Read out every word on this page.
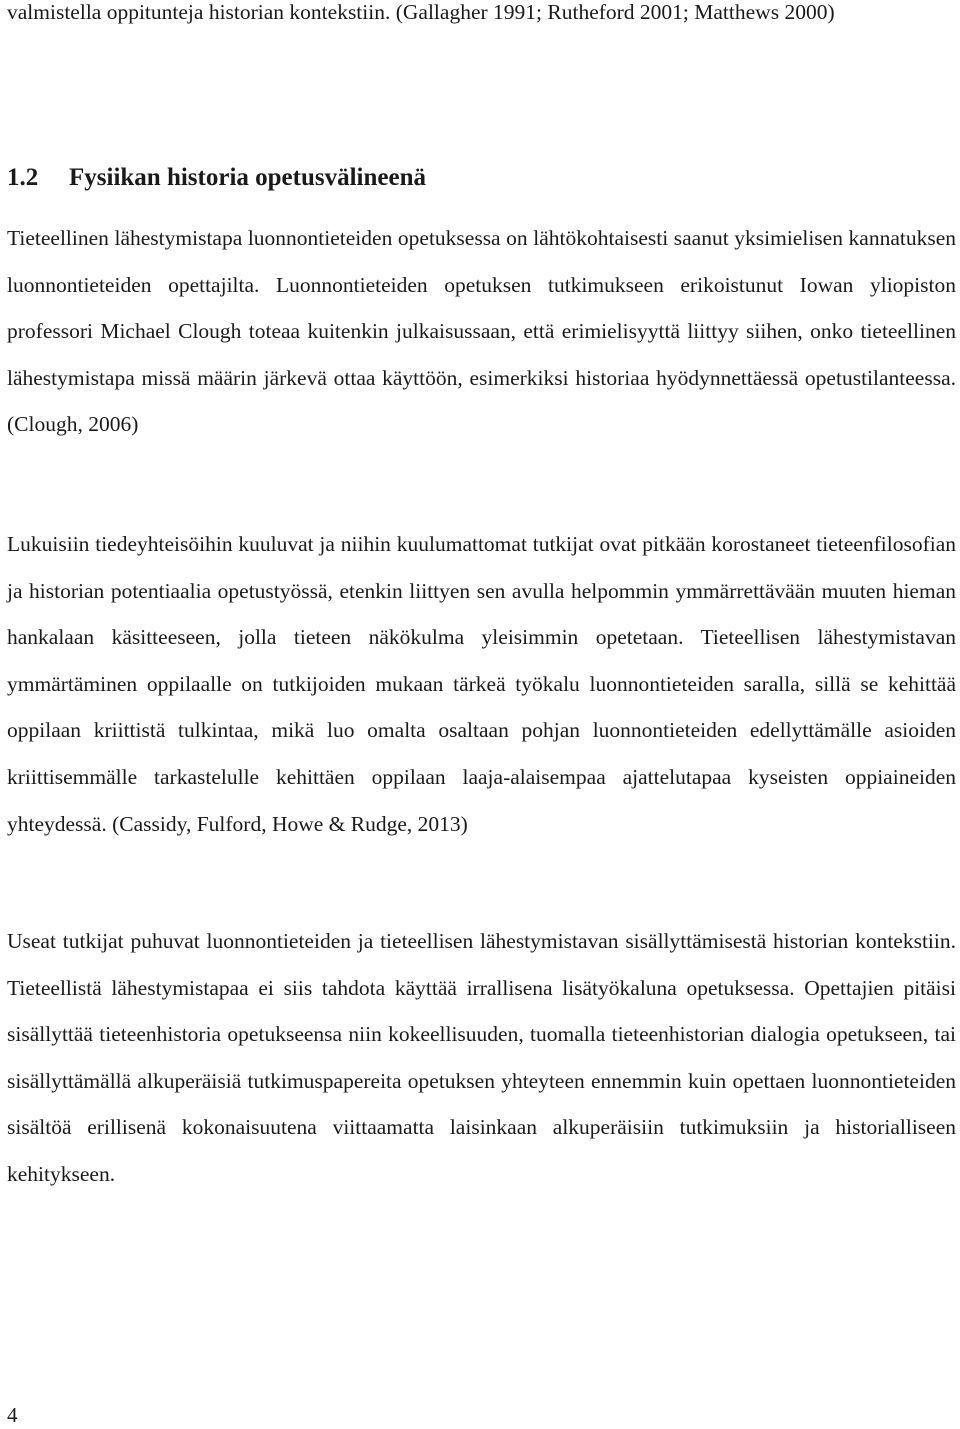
valmistella oppitunteja historian kontekstiin. (Gallagher 1991; Rutheford 2001; Matthews 2000)

1.2 Fysiikan historia opetusvälineenä

Tieteellinen lähestymistapa luonnontieteiden opetuksessa on lähtökohtaisesti saanut yksimielisen kannatuksen luonnontieteiden opettajilta. Luonnontieteiden opetuksen tutkimukseen erikoistunut Iowan yliopiston professori Michael Clough toteaa kuitenkin julkaisussaan, että erimielisyyttä liittyy siihen, onko tieteellinen lähestymistapa missä määrin järkevä ottaa käyttöön, esimerkiksi historiaa hyödynnettäessä opetustilanteessa. (Clough, 2006)

Lukuisiin tiedeyhteisöihin kuuluvat ja niihin kuulumattomat tutkijat ovat pitkään korostaneet tieteenfilosofian ja historian potentiaalia opetustyössä, etenkin liittyen sen avulla helpommin ymmärrettävään muuten hieman hankalaan käsitteeseen, jolla tieteen näkökulma yleisimmin opetetaan. Tieteellisen lähestymistavan ymmärtäminen oppilaalle on tutkijoiden mukaan tärkeä työkalu luonnontieteiden saralla, sillä se kehittää oppilaan kriittistä tulkintaa, mikä luo omalta osaltaan pohjan luonnontieteiden edellyttämälle asioiden kriittisemmälle tarkastelulle kehittäen oppilaan laaja-alaisempaa ajattelutapaa kyseisten oppiaineiden yhteydessä. (Cassidy, Fulford, Howe & Rudge, 2013)

Useat tutkijat puhuvat luonnontieteiden ja tieteellisen lähestymistavan sisällyttämisestä historian kontekstiin. Tieteellistä lähestymistapaa ei siis tahdota käyttää irrallisena lisätyökaluna opetuksessa. Opettajien pitäisi sisällyttää tieteenhistoria opetukseensa niin kokeellisuuden, tuomalla tieteenhistorian dialogia opetukseen, tai sisällyttämällä alkuperäisiä tutkimuspapereita opetuksen yhteyteen ennemmin kuin opettaen luonnontieteiden sisältöä erillisenä kokonaisuutena viittaamatta laisinkaan alkuperäisiin tutkimuksiin ja historialliseen kehitykseen.

4
